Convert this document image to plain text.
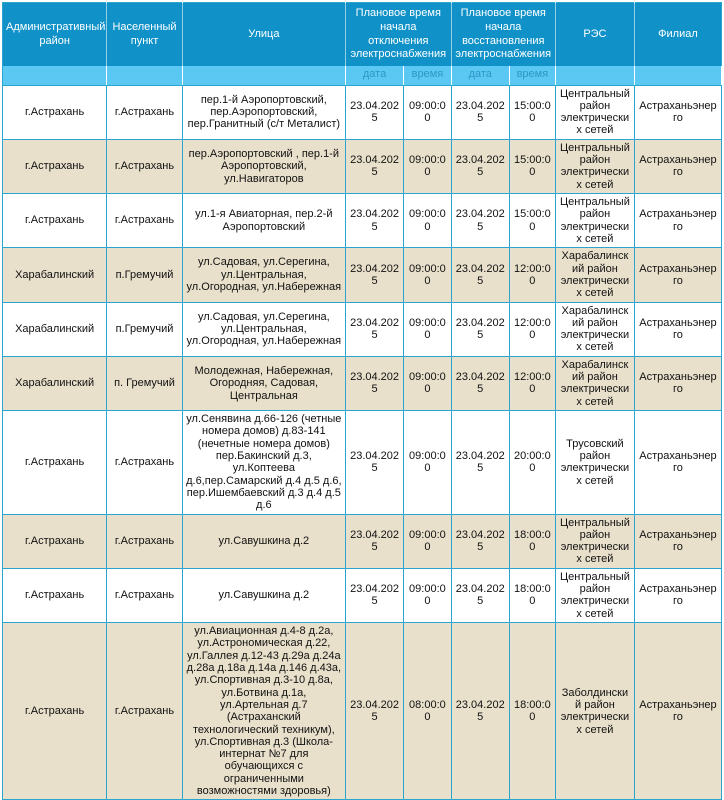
Административный район	Населенный пункт	Улица	Плановое время начала отключения электроснабжения		Плановое время начала восстановления электроснабжения		РЭС	Филиал
			дата	время	дата	время		
г.Астрахань	г.Астрахань	пер.1-й Аэропортовский, пер.Аэропортовский, пер.Гранитный (с/т Металист)	23.04.2025	09:00:00	23.04.2025	15:00:00	Центральный район электрических сетей	Астраханьэнерго
г.Астрахань	г.Астрахань	пер.Аэропортовский , пер.1-й Аэропортовский, ул.Навигаторов	23.04.2025	09:00:00	23.04.2025	15:00:00	Центральный район электрических сетей	Астраханьэнерго
г.Астрахань	г.Астрахань	ул.1-я Авиаторная, пер.2-й Аэропортовский	23.04.2025	09:00:00	23.04.2025	15:00:00	Центральный район электрических сетей	Астраханьэнерго
Харабалинский	п.Гремучий	ул.Садовая, ул.Серегина, ул.Центральная, ул.Огородная, ул.Набережная	23.04.2025	09:00:00	23.04.2025	12:00:00	Харабалинский район электрических сетей	Астраханьэнерго
Харабалинский	п.Гремучий	ул.Садовая, ул.Серегина, ул.Центральная, ул.Огородная, ул.Набережная	23.04.2025	09:00:00	23.04.2025	12:00:00	Харабалинский район электрических сетей	Астраханьэнерго
Харабалинский	п. Гремучий	Молодежная, Набережная, Огородняя, Садовая, Центральная	23.04.2025	09:00:00	23.04.2025	12:00:00	Харабалинский район электрических сетей	Астраханьэнерго
г.Астрахань	г.Астрахань	ул.Сенявина д.66-126 (четные номера домов) д.83-141 (нечетные номера домов) пер.Бакинский д.3, ул.Коптеева д.6,пер.Самарский д.4 д.5 д.6, пер.Ишембаевский д.3 д.4 д.5 д.6	23.04.2025	09:00:00	23.04.2025	20:00:00	Трусовский район электрических сетей	Астраханьэнерго
г.Астрахань	г.Астрахань	ул.Савушкина д.2	23.04.2025	09:00:00	23.04.2025	18:00:00	Центральный район электрических сетей	Астраханьэнерго
г.Астрахань	г.Астрахань	ул.Савушкина д.2	23.04.2025	09:00:00	23.04.2025	18:00:00	Центральный район электрических сетей	Астраханьэнерго
г.Астрахань	г.Астрахань	ул.Авиационная д.4-8 д.2а, ул.Астрономическая д.22, ул.Галлея д.12-43 д.29а д.24а д.28а д.18а д.14а д.146 д.43а, ул.Спортивная д.3-10 д.8а, ул.Ботвина д.1а, ул.Артельная д.7 (Астраханский технологический техникум), ул.Спортивная д.3 (Школа-интернат №7 для обучающихся с ограниченными возможностями здоровья)	23.04.2025	08:00:00	23.04.2025	18:00:00	Заболдинский район электрических сетей	Астраханьэнерго
